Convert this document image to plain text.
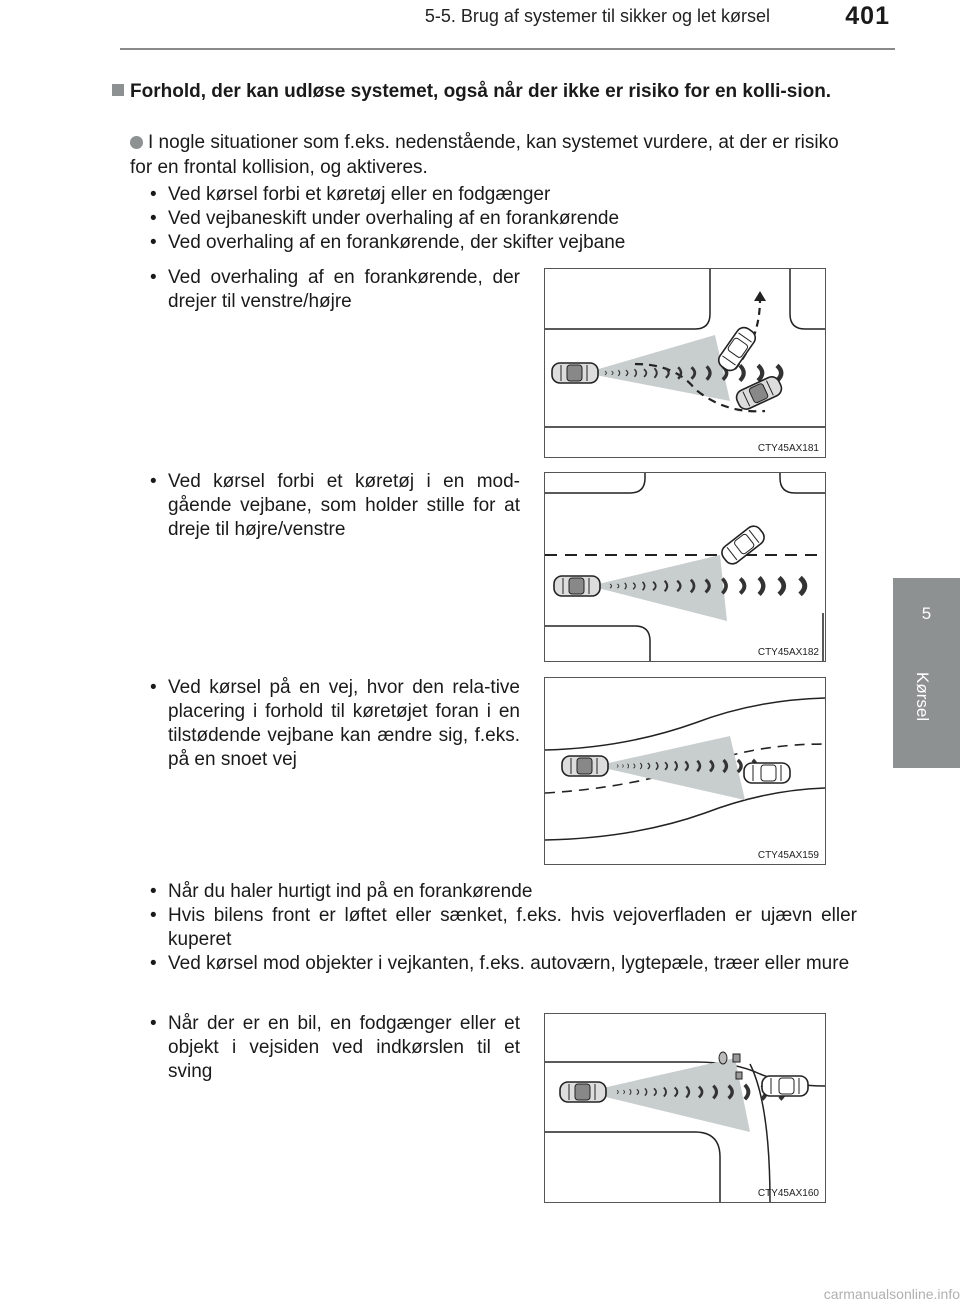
5-5. Brug af systemer til sikker og let kørsel	401
5
Kørsel
Forhold, der kan udløse systemet, også når der ikke er risiko for en kolli-sion.
I nogle situationer som f.eks. nedenstående, kan systemet vurdere, at der er risiko for en frontal kollision, og aktiveres.
• Ved kørsel forbi et køretøj eller en fodgænger
• Ved vejbaneskift under overhaling af en forankørende
• Ved overhaling af en forankørende, der skifter vejbane
• Ved overhaling af en forankørende, der drejer til venstre/højre
CTY45AX181
• Ved kørsel forbi et køretøj i en mod-gående vejbane, som holder stille for at dreje til højre/venstre
CTY45AX182
• Ved kørsel på en vej, hvor den rela-tive placering i forhold til køretøjet foran i en tilstødende vejbane kan ændre sig, f.eks. på en snoet vej
CTY45AX159
• Når du haler hurtigt ind på en forankørende
• Hvis bilens front er løftet eller sænket, f.eks. hvis vejoverfladen er ujævn eller kuperet
• Ved kørsel mod objekter i vejkanten, f.eks. autoværn, lygtepæle, træer eller mure
• Når der er en bil, en fodgænger eller et objekt i vejsiden ved indkørslen til et sving
CTY45AX160
carmanualsonline.info
